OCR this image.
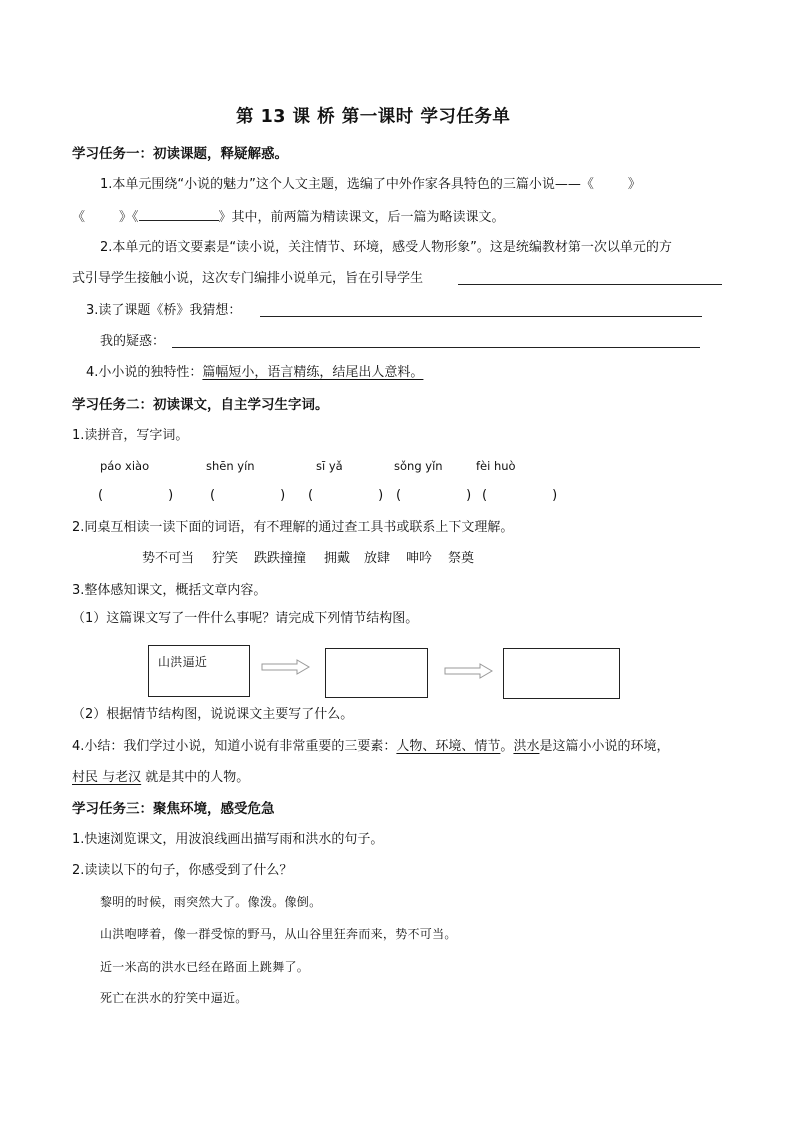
第 13 课 桥 第一课时 学习任务单
学习任务一：初读课题，释疑解惑。
1.本单元围绕“小说的魅力”这个人文主题，选编了中外作家各具特色的三篇小说——《	》
《	》《	》其中，前两篇为精读课文，后一篇为略读课文。
2.本单元的语文要素是“读小说，关注情节、环境，感受人物形象”。这是统编教材第一次以单元的方
式引导学生接触小说，这次专门编排小说单元，旨在引导学生
3.读了课题《桥》我猜想：
我的疑惑：
4.小小说的独特性：篇幅短小，语言精练，结尾出人意料。
学习任务二：初读课文，自主学习生字词。
1.读拼音，写字词。
páo xiào	shēn yín	sī yǎ	sǒng yǐn	fèi huò
(　　　　　)	(　　　　　) (　　　　　) (　　　　　) (　　　　　)
2.同桌互相读一读下面的词语，有不理解的通过查工具书或联系上下文理解。
势不可当 狞笑 跌跌撞撞 拥戴 放肆 呻吟 祭奠
3.整体感知课文，概括文章内容。
（1）这篇课文写了一件什么事呢？请完成下列情节结构图。
山洪逼近
（2）根据情节结构图，说说课文主要写了什么。
4.小结：我们学过小说，知道小说有非常重要的三要素：人物、环境、情节。洪水是这篇小小说的环境，
村民 与老汉 就是其中的人物。
学习任务三：聚焦环境，感受危急
1.快速浏览课文，用波浪线画出描写雨和洪水的句子。
2.读读以下的句子，你感受到了什么？
黎明的时候，雨突然大了。像泼。像倒。
山洪咆哮着，像一群受惊的野马，从山谷里狂奔而来，势不可当。
近一米高的洪水已经在路面上跳舞了。
死亡在洪水的狞笑中逼近。
